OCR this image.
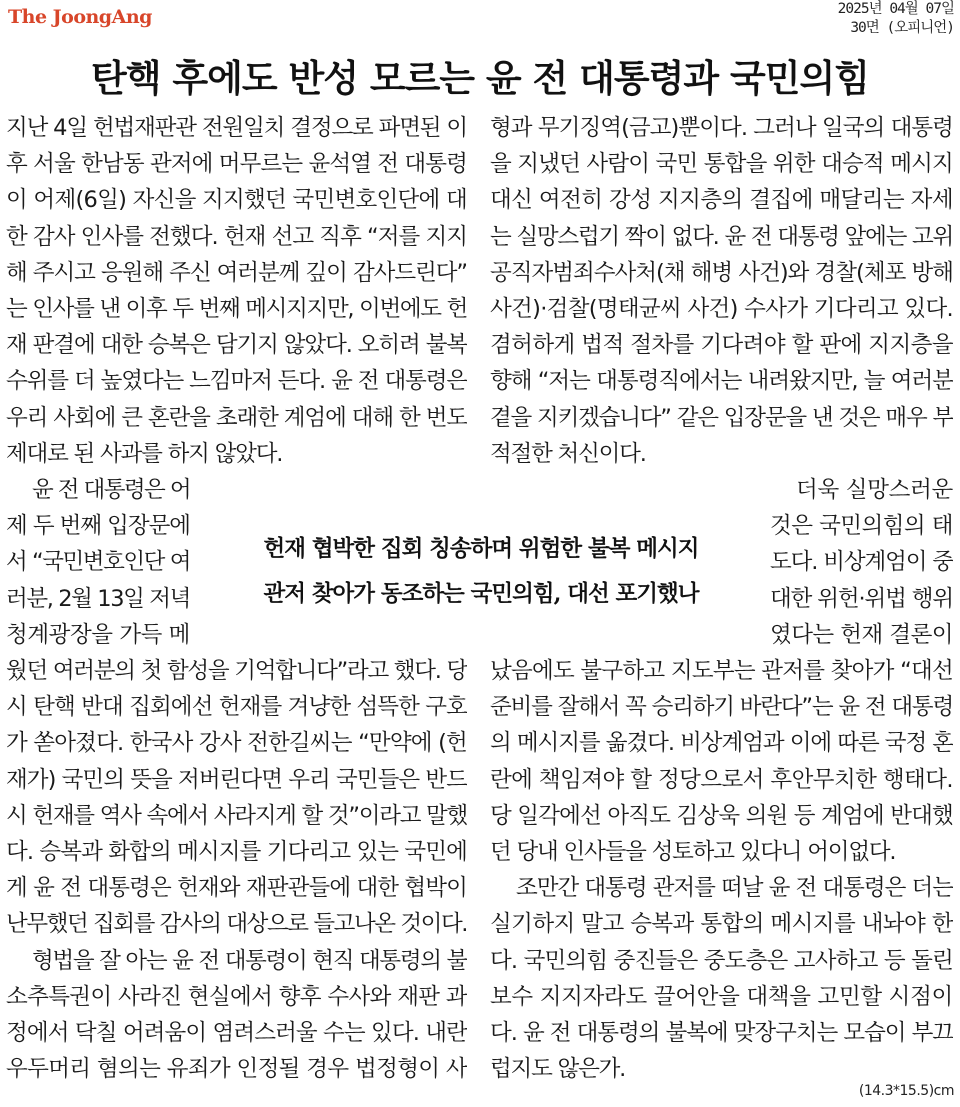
The JoongAng	2025년 04월 07일
30면 (오피니언)
탄핵 후에도 반성 모르는 윤 전 대통령과 국민의힘
지난 4일 헌법재판관 전원일치 결정으로 파면된 이
후 서울 한남동 관저에 머무르는 윤석열 전 대통령
이 어제(6일) 자신을 지지했던 국민변호인단에 대
한 감사 인사를 전했다. 헌재 선고 직후 “저를 지지
해 주시고 응원해 주신 여러분께 깊이 감사드린다”
는 인사를 낸 이후 두 번째 메시지지만, 이번에도 헌
재 판결에 대한 승복은 담기지 않았다. 오히려 불복
수위를 더 높였다는 느낌마저 든다. 윤 전 대통령은
우리 사회에 큰 혼란을 초래한 계엄에 대해 한 번도
제대로 된 사과를 하지 않았다.
윤 전 대통령은 어
제 두 번째 입장문에
서 “국민변호인단 여
러분, 2월 13일 저녁
청계광장을 가득 메
웠던 여러분의 첫 함성을 기억합니다”라고 했다. 당
시 탄핵 반대 집회에선 헌재를 겨냥한 섬뜩한 구호
가 쏟아졌다. 한국사 강사 전한길씨는 “만약에 (헌
재가) 국민의 뜻을 저버린다면 우리 국민들은 반드
시 헌재를 역사 속에서 사라지게 할 것”이라고 말했
다. 승복과 화합의 메시지를 기다리고 있는 국민에
게 윤 전 대통령은 헌재와 재판관들에 대한 협박이
난무했던 집회를 감사의 대상으로 들고나온 것이다.
형법을 잘 아는 윤 전 대통령이 현직 대통령의 불
소추특권이 사라진 현실에서 향후 수사와 재판 과
정에서 닥칠 어려움이 염려스러울 수는 있다. 내란
우두머리 혐의는 유죄가 인정될 경우 법정형이 사
형과 무기징역(금고)뿐이다. 그러나 일국의 대통령
을 지냈던 사람이 국민 통합을 위한 대승적 메시지
대신 여전히 강성 지지층의 결집에 매달리는 자세
는 실망스럽기 짝이 없다. 윤 전 대통령 앞에는 고위
공직자범죄수사처(채 해병 사건)와 경찰(체포 방해
사건)·검찰(명태균씨 사건) 수사가 기다리고 있다.
겸허하게 법적 절차를 기다려야 할 판에 지지층을
향해 “저는 대통령직에서는 내려왔지만, 늘 여러분
곁을 지키겠습니다” 같은 입장문을 낸 것은 매우 부
적절한 처신이다.
더욱 실망스러운
것은 국민의힘의 태
도다. 비상계엄이 중
대한 위헌·위법 행위
였다는 헌재 결론이
났음에도 불구하고 지도부는 관저를 찾아가 “대선
준비를 잘해서 꼭 승리하기 바란다”는 윤 전 대통령
의 메시지를 옮겼다. 비상계엄과 이에 따른 국정 혼
란에 책임져야 할 정당으로서 후안무치한 행태다.
당 일각에선 아직도 김상욱 의원 등 계엄에 반대했
던 당내 인사들을 성토하고 있다니 어이없다.
조만간 대통령 관저를 떠날 윤 전 대통령은 더는
실기하지 말고 승복과 통합의 메시지를 내놔야 한
다. 국민의힘 중진들은 중도층은 고사하고 등 돌린
보수 지지자라도 끌어안을 대책을 고민할 시점이
다. 윤 전 대통령의 불복에 맞장구치는 모습이 부끄
럽지도 않은가.
헌재 협박한 집회 칭송하며 위험한 불복 메시지
관저 찾아가 동조하는 국민의힘, 대선 포기했나
(14.3*15.5)cm
